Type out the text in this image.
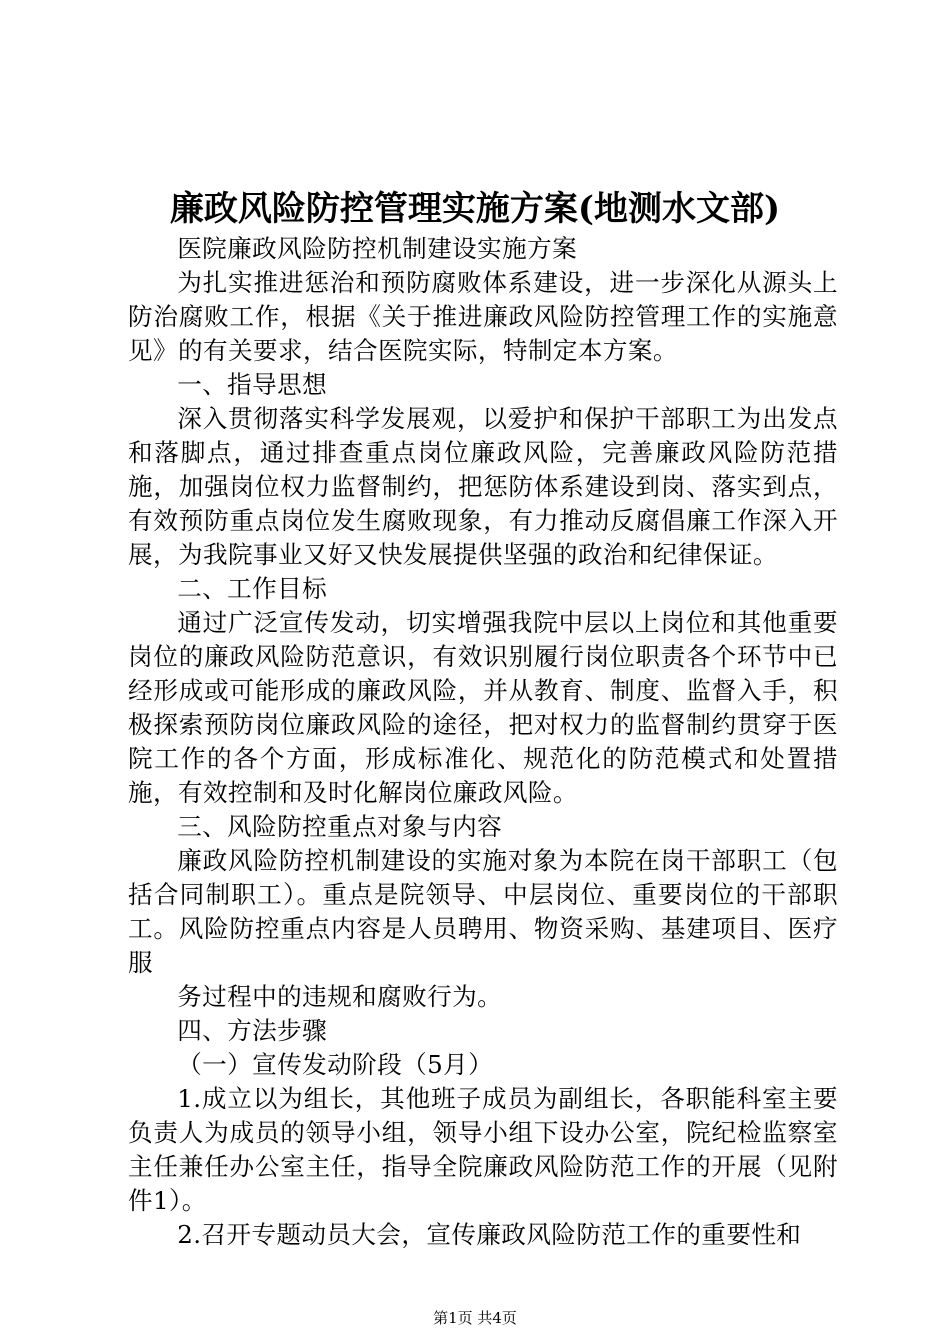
廉政风险防控管理实施方案(地测水文部)

医院廉政风险防控机制建设实施方案

为扎实推进惩治和预防腐败体系建设，进一步深化从源头上防治腐败工作，根据《关于推进廉政风险防控管理工作的实施意见》的有关要求，结合医院实际，特制定本方案。

一、指导思想

深入贯彻落实科学发展观，以爱护和保护干部职工为出发点和落脚点，通过排查重点岗位廉政风险，完善廉政风险防范措施，加强岗位权力监督制约，把惩防体系建设到岗、落实到点，有效预防重点岗位发生腐败现象，有力推动反腐倡廉工作深入开展，为我院事业又好又快发展提供坚强的政治和纪律保证。

二、工作目标

通过广泛宣传发动，切实增强我院中层以上岗位和其他重要岗位的廉政风险防范意识，有效识别履行岗位职责各个环节中已经形成或可能形成的廉政风险，并从教育、制度、监督入手，积极探索预防岗位廉政风险的途径，把对权力的监督制约贯穿于医院工作的各个方面，形成标准化、规范化的防范模式和处置措施，有效控制和及时化解岗位廉政风险。

三、风险防控重点对象与内容

廉政风险防控机制建设的实施对象为本院在岗干部职工（包括合同制职工）。重点是院领导、中层岗位、重要岗位的干部职工。风险防控重点内容是人员聘用、物资采购、基建项目、医疗服

务过程中的违规和腐败行为。

四、方法步骤

（一）宣传发动阶段（5月）

1.成立以为组长，其他班子成员为副组长，各职能科室主要负责人为成员的领导小组，领导小组下设办公室，院纪检监察室主任兼任办公室主任，指导全院廉政风险防范工作的开展（见附件1）。

2.召开专题动员大会，宣传廉政风险防范工作的重要性和

第1页 共4页
